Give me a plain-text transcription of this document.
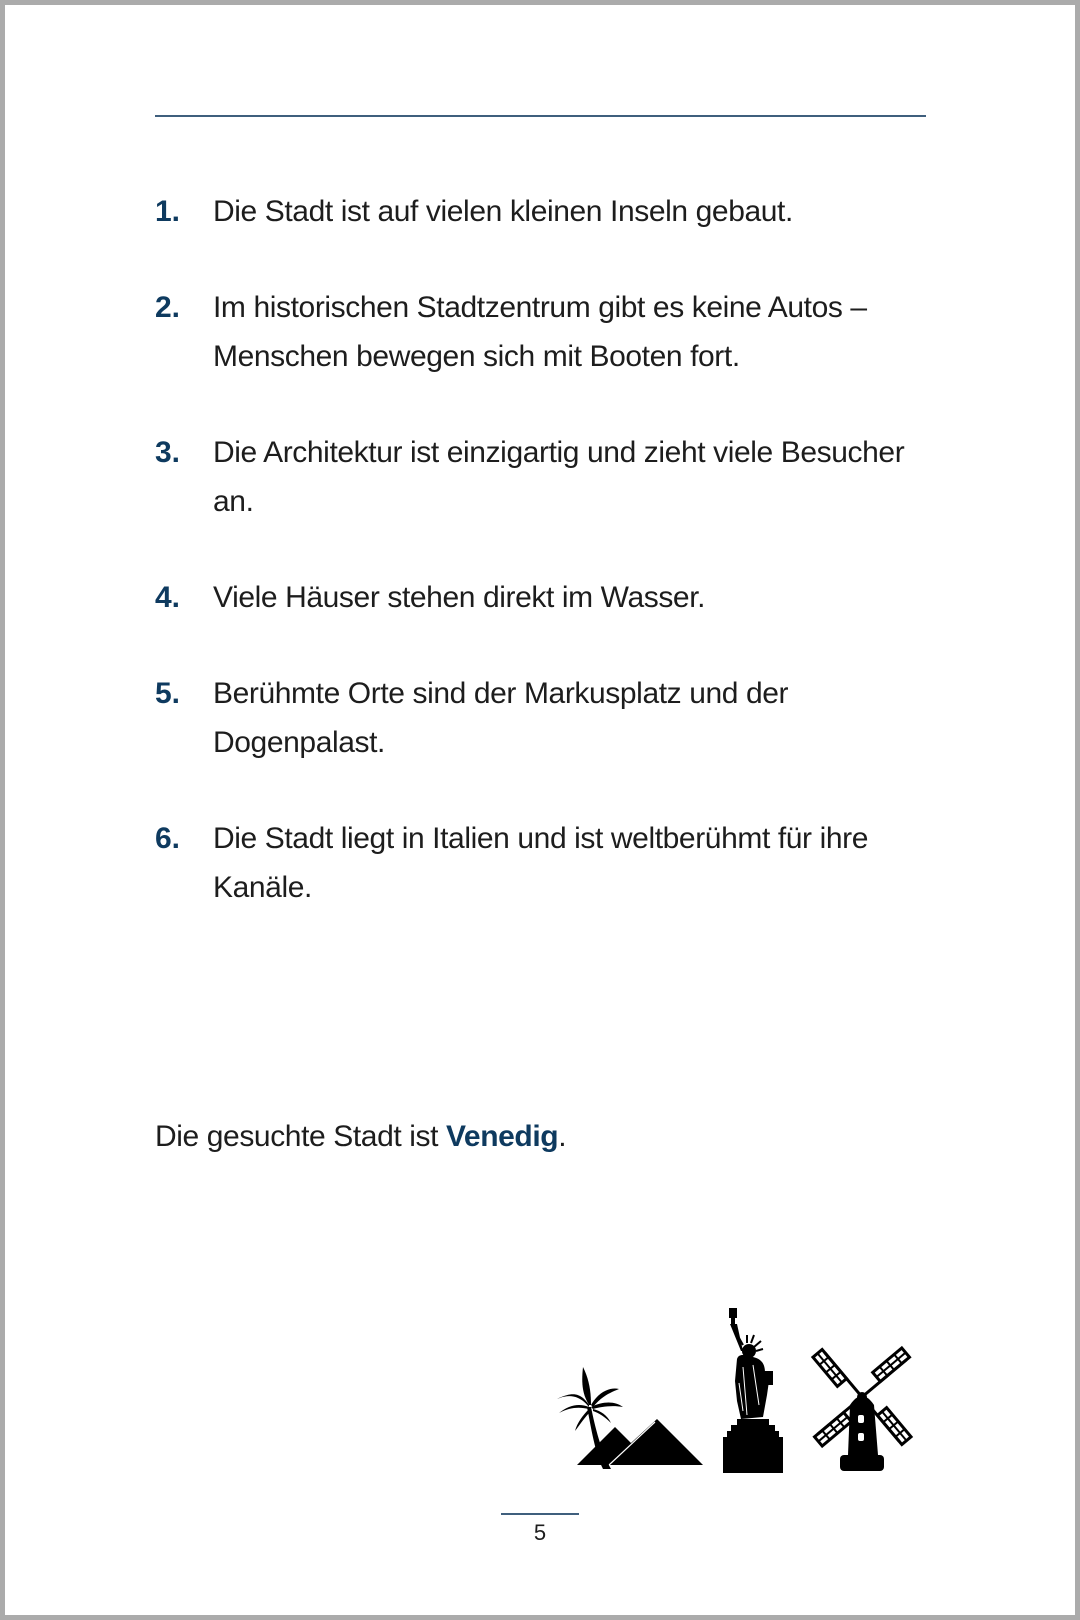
1.	Die Stadt ist auf vielen kleinen Inseln gebaut.
2.	Im historischen Stadtzentrum gibt es keine Autos – Menschen bewegen sich mit Booten fort.
3.	Die Architektur ist einzigartig und zieht viele Besucher an.
4.	Viele Häuser stehen direkt im Wasser.
5.	Berühmte Orte sind der Markusplatz und der Dogenpalast.
6.	Die Stadt liegt in Italien und ist weltberühmt für ihre Kanäle.
Die gesuchte Stadt ist Venedig.
5
